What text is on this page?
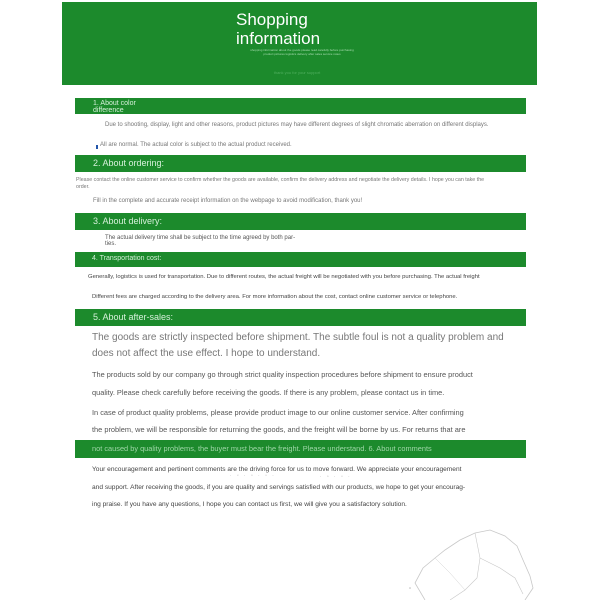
Shopping information
shopping information about the goods please read carefully before purchasing
product pictures logistics delivery after sales service notes
thank you for your support
1. About color difference
Due to shooting, display, light and other reasons, product pictures may have different degrees of slight chromatic aberration on different displays.
All are normal. The actual color is subject to the actual product received.
2. About ordering:
Please contact the online customer service to confirm whether the goods are available, confirm the delivery address and negotiate the delivery details. I hope you can take the
order.
Fill in the complete and accurate receipt information on the webpage to avoid modification, thank you!
3. About delivery:
The actual delivery time shall be subject to the time agreed by both par-
ties.
4. Transportation cost:
Generally, logistics is used for transportation. Due to different routes, the actual freight will be negotiated with you before purchasing. The actual freight
Different fees are charged according to the delivery area. For more information about the cost, contact online customer service or telephone.
5. About after-sales:
The goods are strictly inspected before shipment. The subtle foul is not a quality problem and
does not affect the use effect. I hope to understand.
The products sold by our company go through strict quality inspection procedures before shipment to ensure product
quality. Please check carefully before receiving the goods. If there is any problem, please contact us in time.
In case of product quality problems, please provide product image to our online customer service. After confirming
the problem, we will be responsible for returning the goods, and the freight will be borne by us. For returns that are
not caused by quality problems, the buyer must bear the freight. Please understand. 6. About comments
Your encouragement and pertinent comments are the driving force for us to move forward. We appreciate your encouragement
and support. After receiving the goods, if you are quality and servings satisfied with our products, we hope to get your encourag-
ing praise. If you have any questions, I hope you can contact us first, we will give you a satisfactory solution.
˙ ˇ ˙ ˆ ˙ ˇ ˙	˙ ˆ ˙ ˇ ˙
